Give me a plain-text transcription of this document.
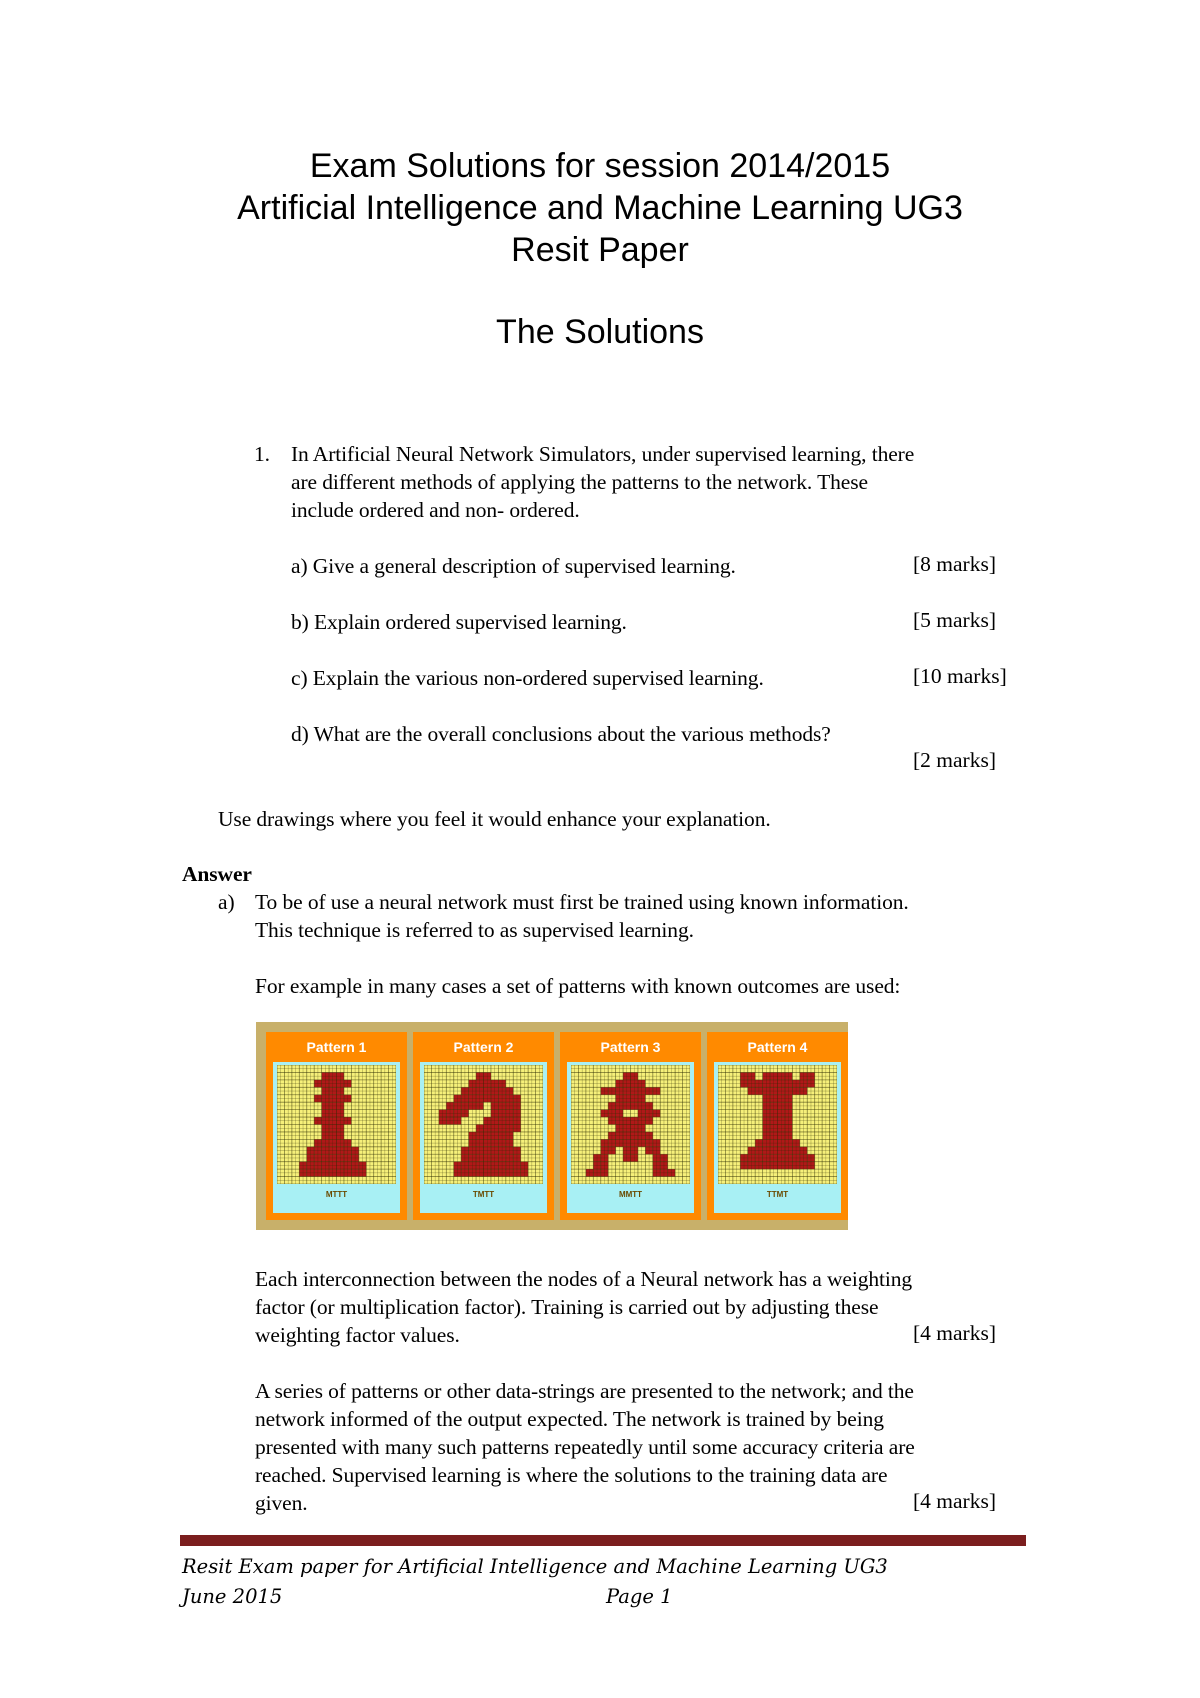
Exam Solutions for session 2014/2015
Artificial Intelligence and Machine Learning UG3
Resit Paper
The Solutions
1. In Artificial Neural Network Simulators, under supervised learning, there
are different methods of applying the patterns to the network. These
include ordered and non- ordered.
a) Give a general description of supervised learning.	[8 marks]
b) Explain ordered supervised learning.	[5 marks]
c) Explain the various non-ordered supervised learning.	[10 marks]
d) What are the overall conclusions about the various methods?
[2 marks]
Use drawings where you feel it would enhance your explanation.
Answer
a) To be of use a neural network must first be trained using known information.
This technique is referred to as supervised learning.
For example in many cases a set of patterns with known outcomes are used:
Pattern 1
MTTT
Pattern 2
TMTT
Pattern 3
MMTT
Pattern 4
TTMT
Each interconnection between the nodes of a Neural network has a weighting
factor (or multiplication factor). Training is carried out by adjusting these
weighting factor values.	[4 marks]
A series of patterns or other data-strings are presented to the network; and the
network informed of the output expected. The network is trained by being
presented with many such patterns repeatedly until some accuracy criteria are
reached. Supervised learning is where the solutions to the training data are
given.	[4 marks]
Resit Exam paper for Artificial Intelligence and Machine Learning UG3
June 2015	Page 1
